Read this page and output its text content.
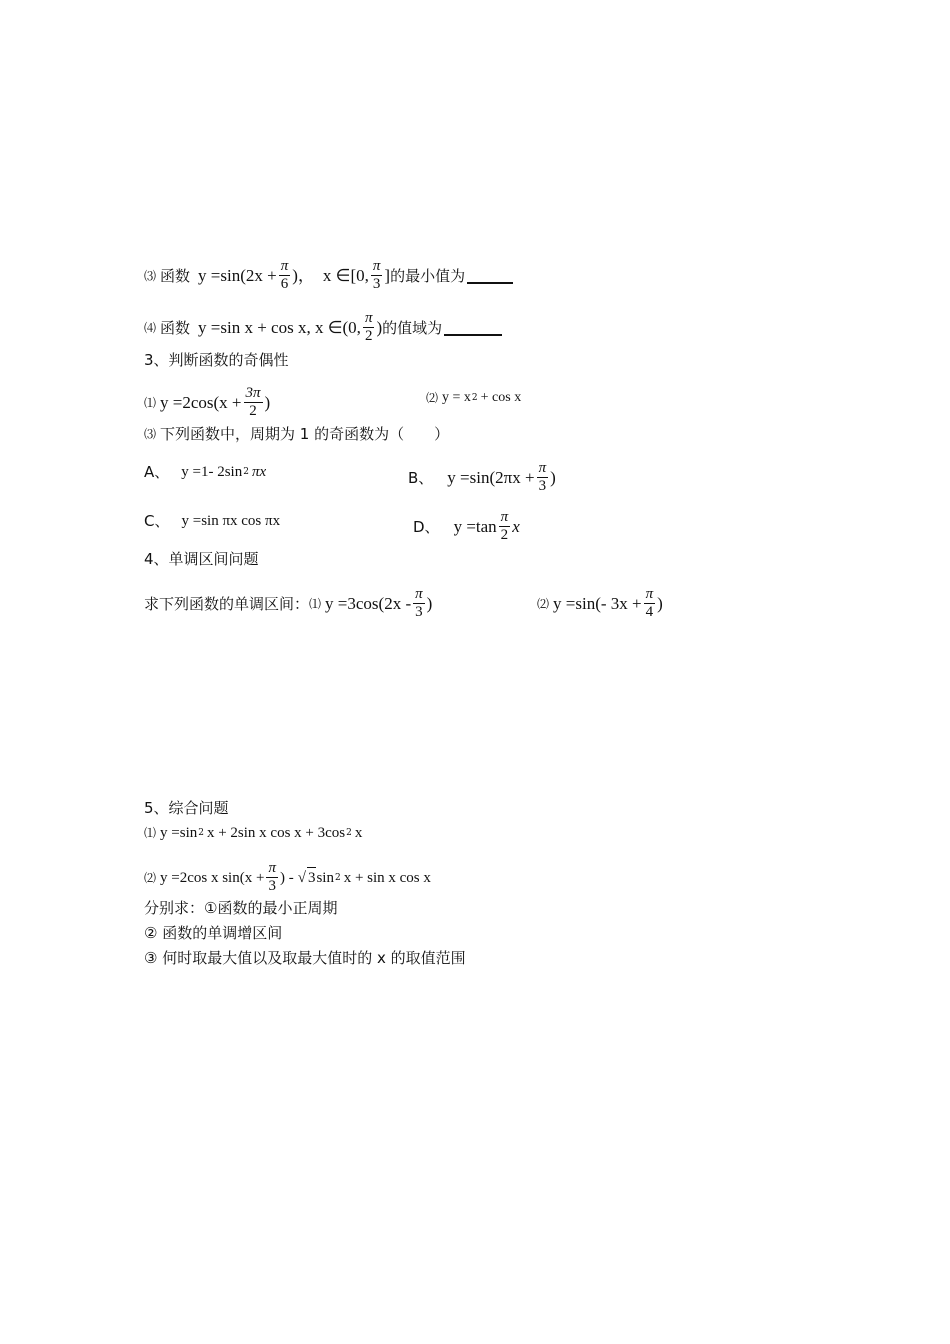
⑶ 函数 $y =\sin(2x + \frac{\pi}{6}$ )， x ∈[0, $\frac{\pi}{3}$ ] 的最小值为
⑷ 函数 y =sin x + cos x, x ∈(0, $\frac{\pi}{2}$ ) 的值域为
3、判断函数的奇偶性
⑴ $y =2\cos(x + \frac{3\pi}{2}$ )	⑵ y = x 2 + cos x
⑶ 下列函数中，周期为 1 的奇函数为（　　）
A、 y =1- 2sin 2 πx	B、 $y =\sin(2\pi x + \frac{\pi}{3}$ )
C、 y =sin πx cos πx	D、 $y =\tan \frac{\pi}{2}$ x
4、单调区间问题
求下列函数的单调区间： ⑴ $y =3\cos(2x - \frac{\pi}{3}$ )	⑵ y =sin(- $3x + \frac{\pi}{4}$ )
5、综合问题
⑴ y =sin 2 x + 2sin x cos x + 3cos 2 x
⑵ y =2cos x $\sin(x + \frac{\pi}{3}$ ) - √ 3 sin 2 x + sin x cos x
分别求：①函数的最小正周期
② 函数的单调增区间
③ 何时取最大值以及取最大值时的 x 的取值范围
